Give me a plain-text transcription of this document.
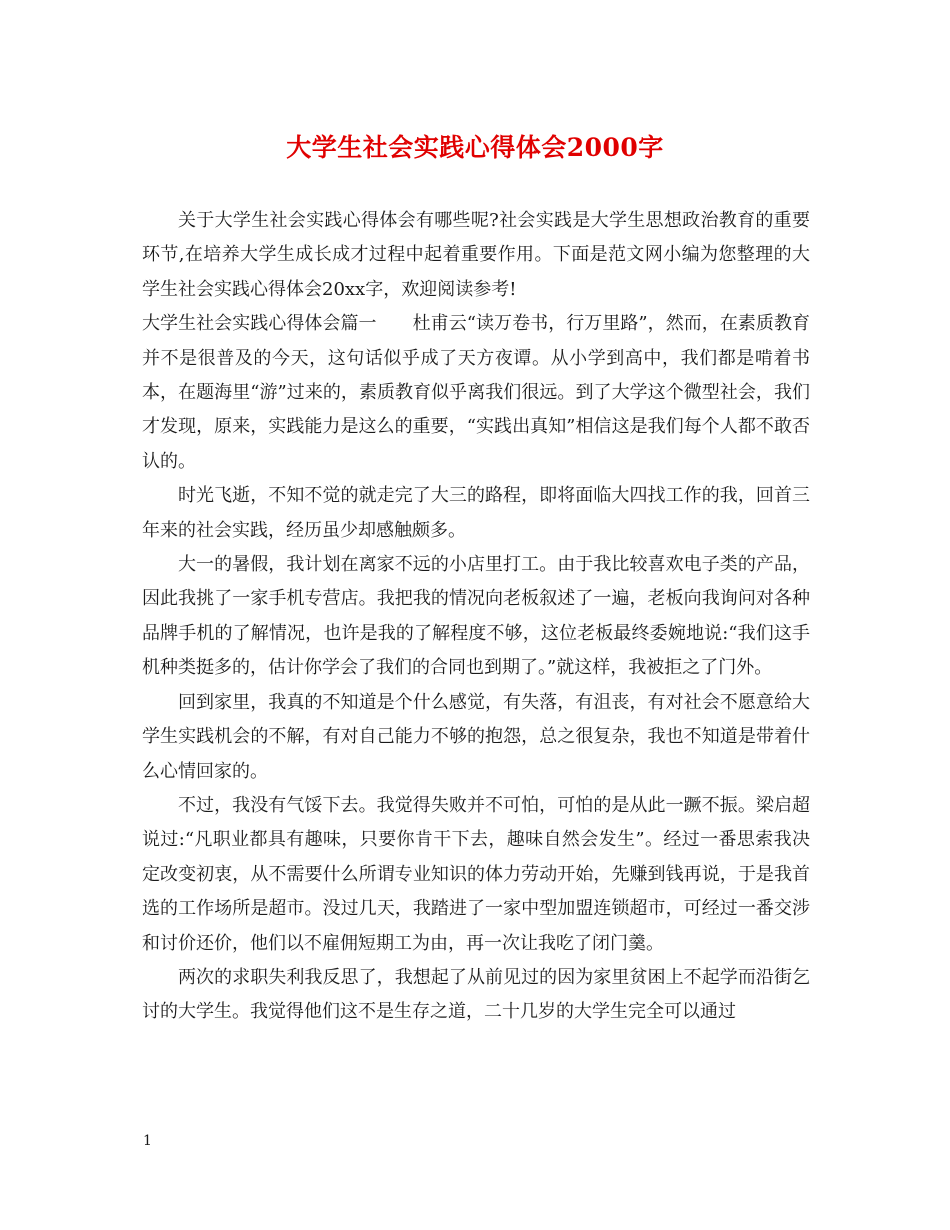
大学生社会实践心得体会2000字

关于大学生社会实践心得体会有哪些呢?社会实践是大学生思想政治教育的重要环节,在培养大学生成长成才过程中起着重要作用。下面是范文网小编为您整理的大学生社会实践心得体会20xx字，欢迎阅读参考!

大学生社会实践心得体会篇一　　杜甫云“读万卷书，行万里路”，然而，在素质教育并不是很普及的今天，这句话似乎成了天方夜谭。从小学到高中，我们都是啃着书本，在题海里“游”过来的，素质教育似乎离我们很远。到了大学这个微型社会，我们才发现，原来，实践能力是这么的重要，“实践出真知”相信这是我们每个人都不敢否认的。

时光飞逝，不知不觉的就走完了大三的路程，即将面临大四找工作的我，回首三年来的社会实践，经历虽少却感触颇多。

大一的暑假，我计划在离家不远的小店里打工。由于我比较喜欢电子类的产品，因此我挑了一家手机专营店。我把我的情况向老板叙述了一遍，老板向我询问对各种品牌手机的了解情况，也许是我的了解程度不够，这位老板最终委婉地说:“我们这手机种类挺多的，估计你学会了我们的合同也到期了。”就这样，我被拒之了门外。

回到家里，我真的不知道是个什么感觉，有失落，有沮丧，有对社会不愿意给大学生实践机会的不解，有对自己能力不够的抱怨，总之很复杂，我也不知道是带着什么心情回家的。

不过，我没有气馁下去。我觉得失败并不可怕，可怕的是从此一蹶不振。梁启超说过:“凡职业都具有趣味，只要你肯干下去，趣味自然会发生”。经过一番思索我决定改变初衷，从不需要什么所谓专业知识的体力劳动开始，先赚到钱再说，于是我首选的工作场所是超市。没过几天，我踏进了一家中型加盟连锁超市，可经过一番交涉和讨价还价，他们以不雇佣短期工为由，再一次让我吃了闭门羹。

两次的求职失利我反思了，我想起了从前见过的因为家里贫困上不起学而沿街乞讨的大学生。我觉得他们这不是生存之道，二十几岁的大学生完全可以通过

1
